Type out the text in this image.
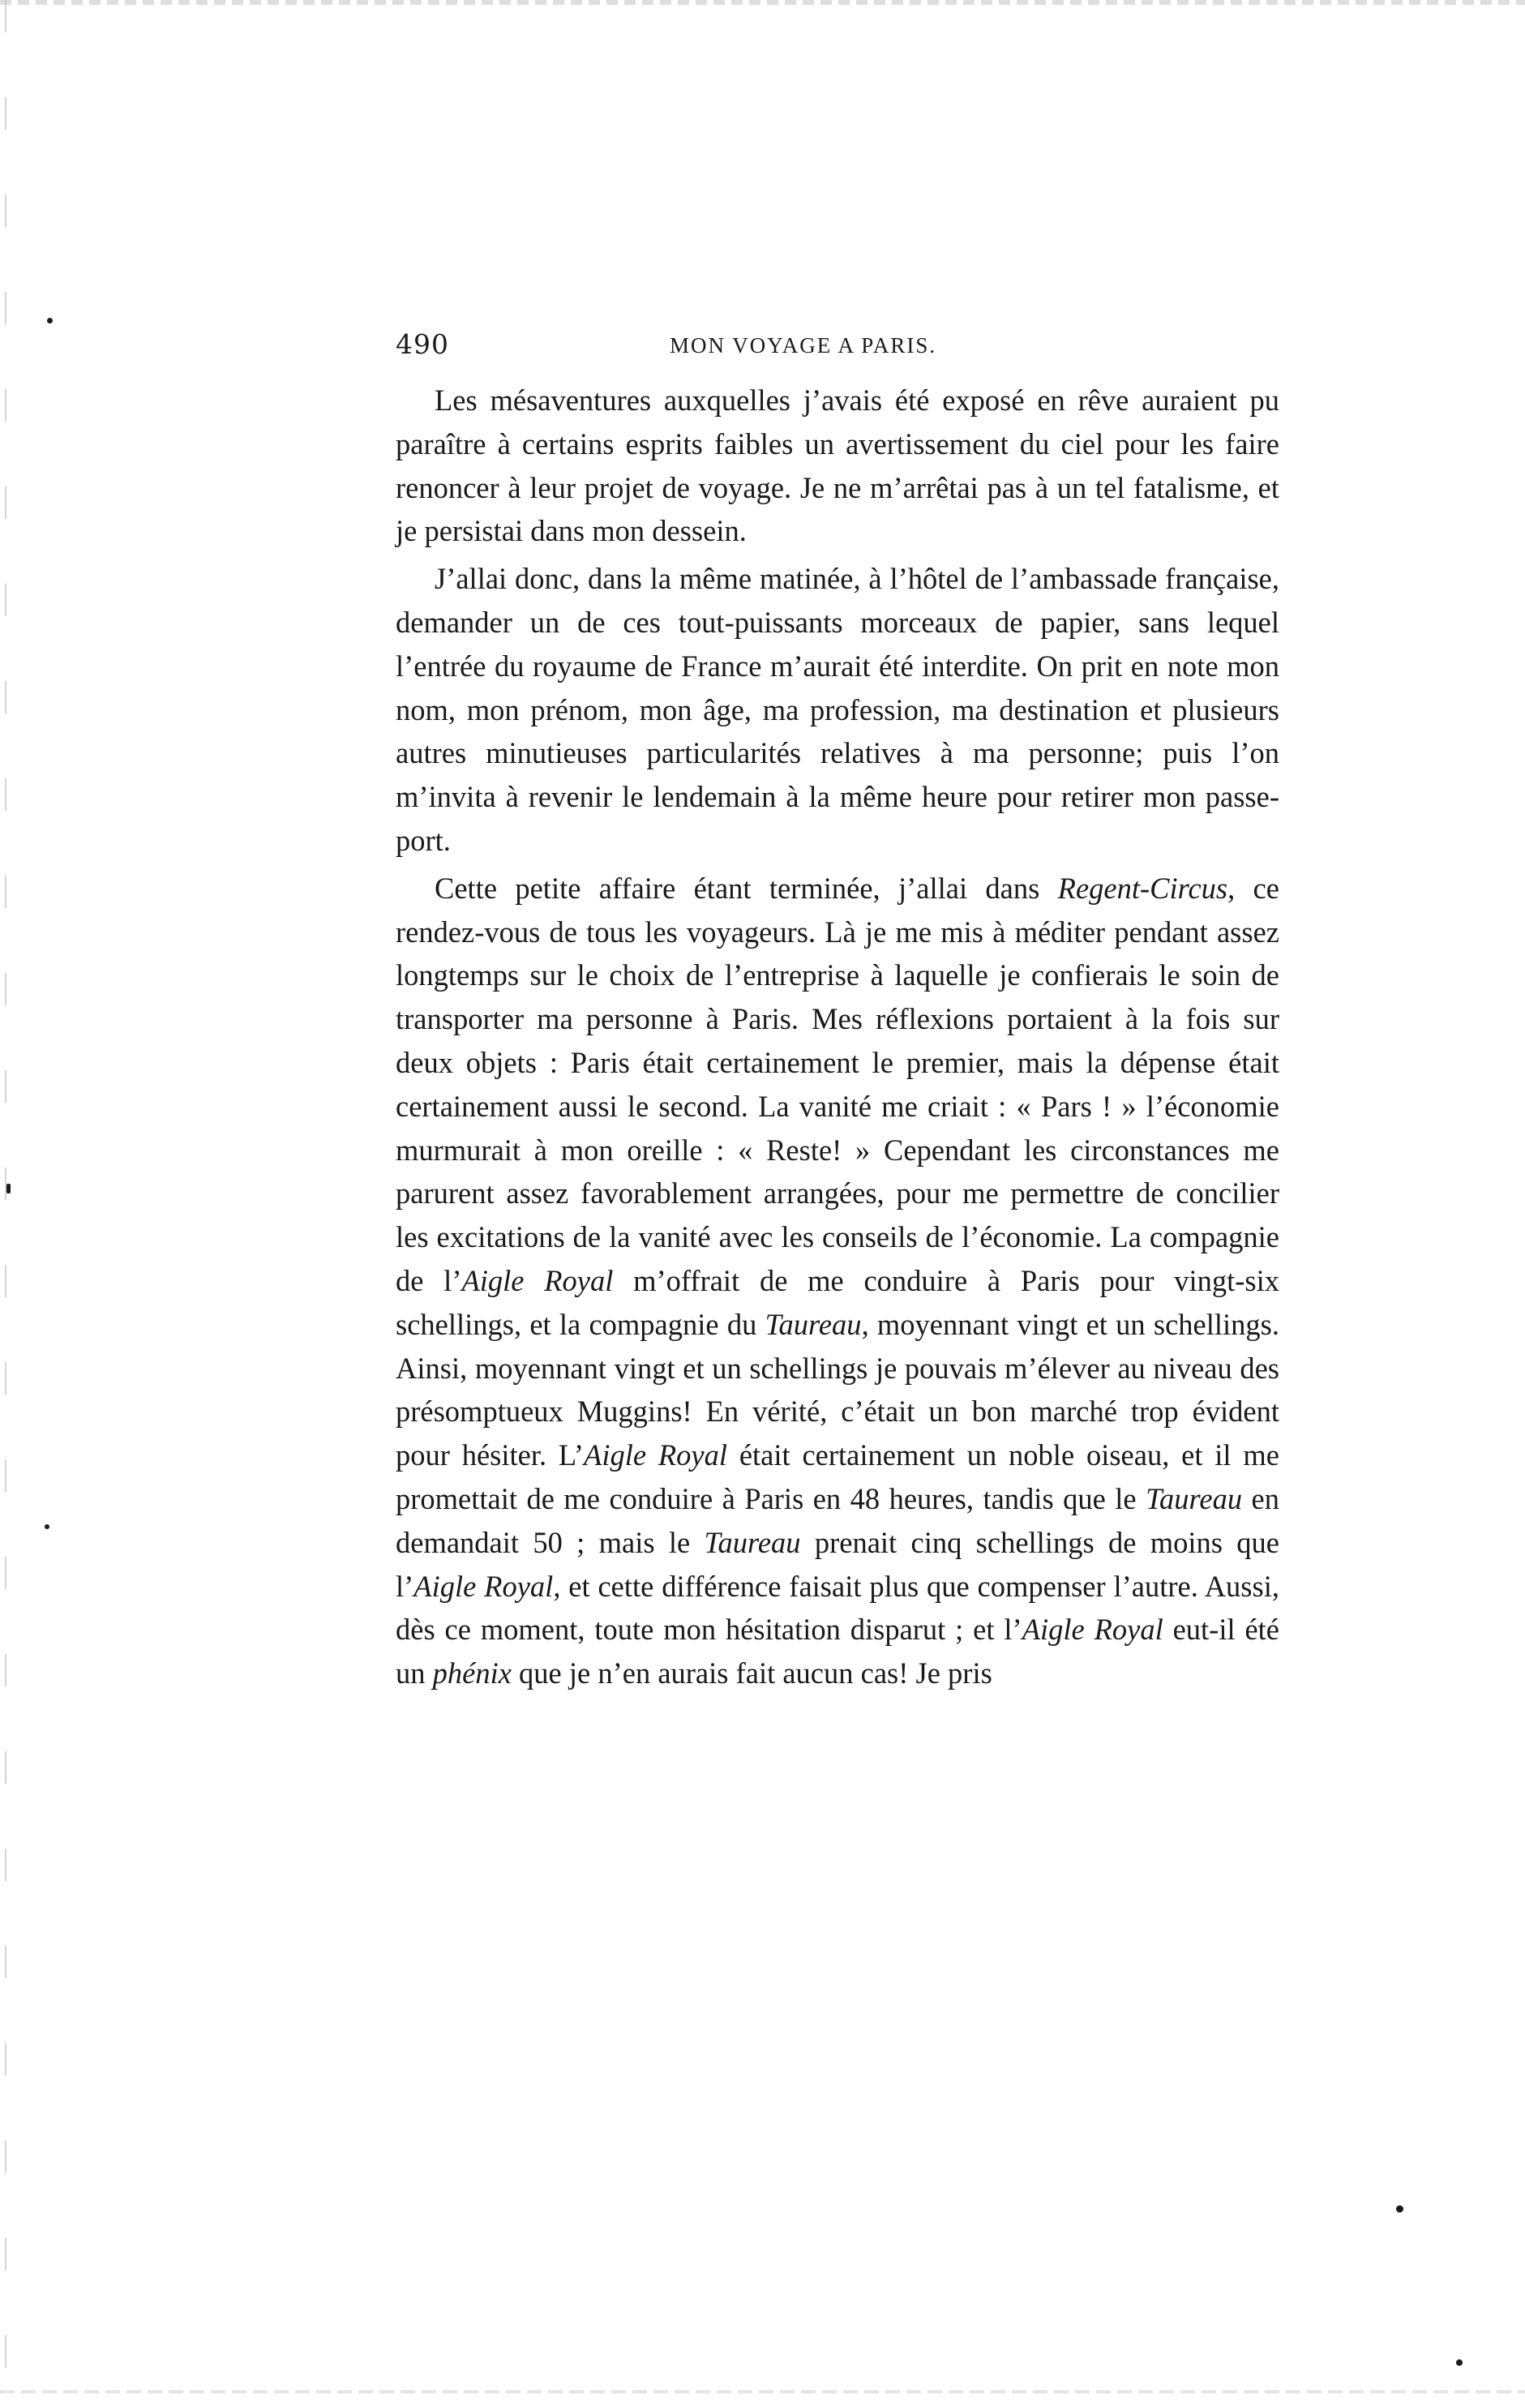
490	MON VOYAGE A PARIS.

Les mésaventures auxquelles j’avais été exposé en rêve auraient pu paraître à certains esprits faibles un avertissement du ciel pour les faire renoncer à leur projet de voyage. Je ne m’arrêtai pas à un tel fatalisme, et je persistai dans mon dessein.

J’allai donc, dans la même matinée, à l’hôtel de l’ambassade française, demander un de ces tout-puissants morceaux de papier, sans lequel l’entrée du royaume de France m’aurait été interdite. On prit en note mon nom, mon prénom, mon âge, ma profession, ma destination et plusieurs autres minutieuses particularités relatives à ma personne; puis l’on m’invita à revenir le lendemain à la même heure pour retirer mon passe-port.

Cette petite affaire étant terminée, j’allai dans Regent-Circus, ce rendez-vous de tous les voyageurs. Là je me mis à méditer pendant assez longtemps sur le choix de l’entreprise à laquelle je confierais le soin de transporter ma personne à Paris. Mes réflexions portaient à la fois sur deux objets : Paris était certainement le premier, mais la dépense était certainement aussi le second. La vanité me criait : « Pars ! » l’économie murmurait à mon oreille : « Reste! » Cependant les circonstances me parurent assez favorablement arrangées, pour me permettre de concilier les excitations de la vanité avec les conseils de l’économie. La compagnie de l’Aigle Royal m’offrait de me conduire à Paris pour vingt-six schellings, et la compagnie du Taureau, moyennant vingt et un schellings. Ainsi, moyennant vingt et un schellings je pouvais m’élever au niveau des présomptueux Muggins! En vérité, c’était un bon marché trop évident pour hésiter. L’Aigle Royal était certainement un noble oiseau, et il me promettait de me conduire à Paris en 48 heures, tandis que le Taureau en demandait 50 ; mais le Taureau prenait cinq schellings de moins que l’Aigle Royal, et cette différence faisait plus que compenser l’autre. Aussi, dès ce moment, toute mon hésitation disparut ; et l’Aigle Royal eut-il été un phénix que je n’en aurais fait aucun cas! Je pris
